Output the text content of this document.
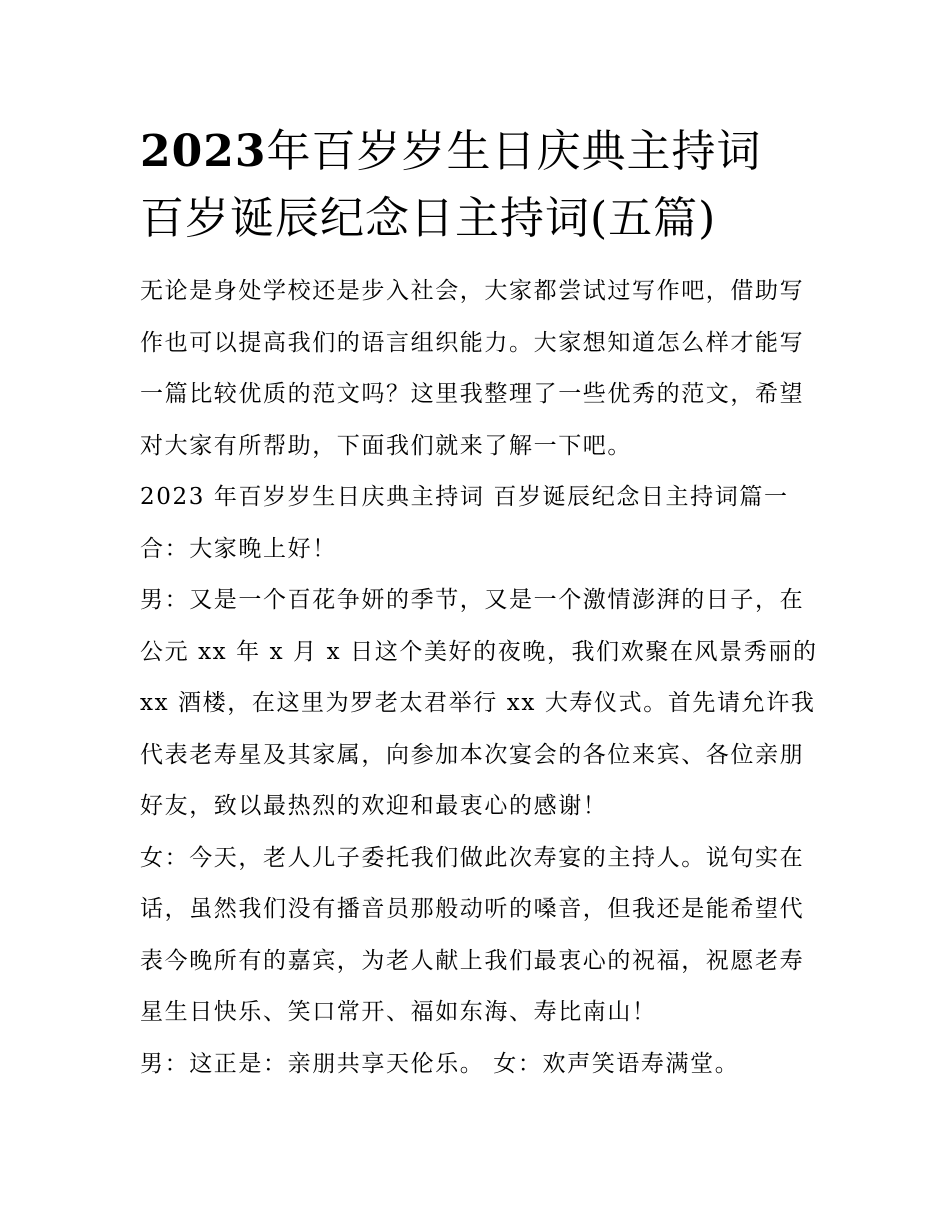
2023年百岁岁生日庆典主持词
百岁诞辰纪念日主持词(五篇)

无论是身处学校还是步入社会，大家都尝试过写作吧，借助写
作也可以提高我们的语言组织能力。大家想知道怎么样才能写
一篇比较优质的范文吗？这里我整理了一些优秀的范文，希望
对大家有所帮助，下面我们就来了解一下吧。

2023 年百岁岁生日庆典主持词 百岁诞辰纪念日主持词篇一

合：大家晚上好！

男：又是一个百花争妍的季节，又是一个激情澎湃的日子，在
公元 xx 年 x 月 x 日这个美好的夜晚，我们欢聚在风景秀丽的
xx 酒楼，在这里为罗老太君举行 xx 大寿仪式。首先请允许我
代表老寿星及其家属，向参加本次宴会的各位来宾、各位亲朋
好友，致以最热烈的欢迎和最衷心的感谢！

女：今天，老人儿子委托我们做此次寿宴的主持人。说句实在
话，虽然我们没有播音员那般动听的嗓音，但我还是能希望代
表今晚所有的嘉宾，为老人献上我们最衷心的祝福，祝愿老寿
星生日快乐、笑口常开、福如东海、寿比南山！

男：这正是：亲朋共享天伦乐。 女：欢声笑语寿满堂。
